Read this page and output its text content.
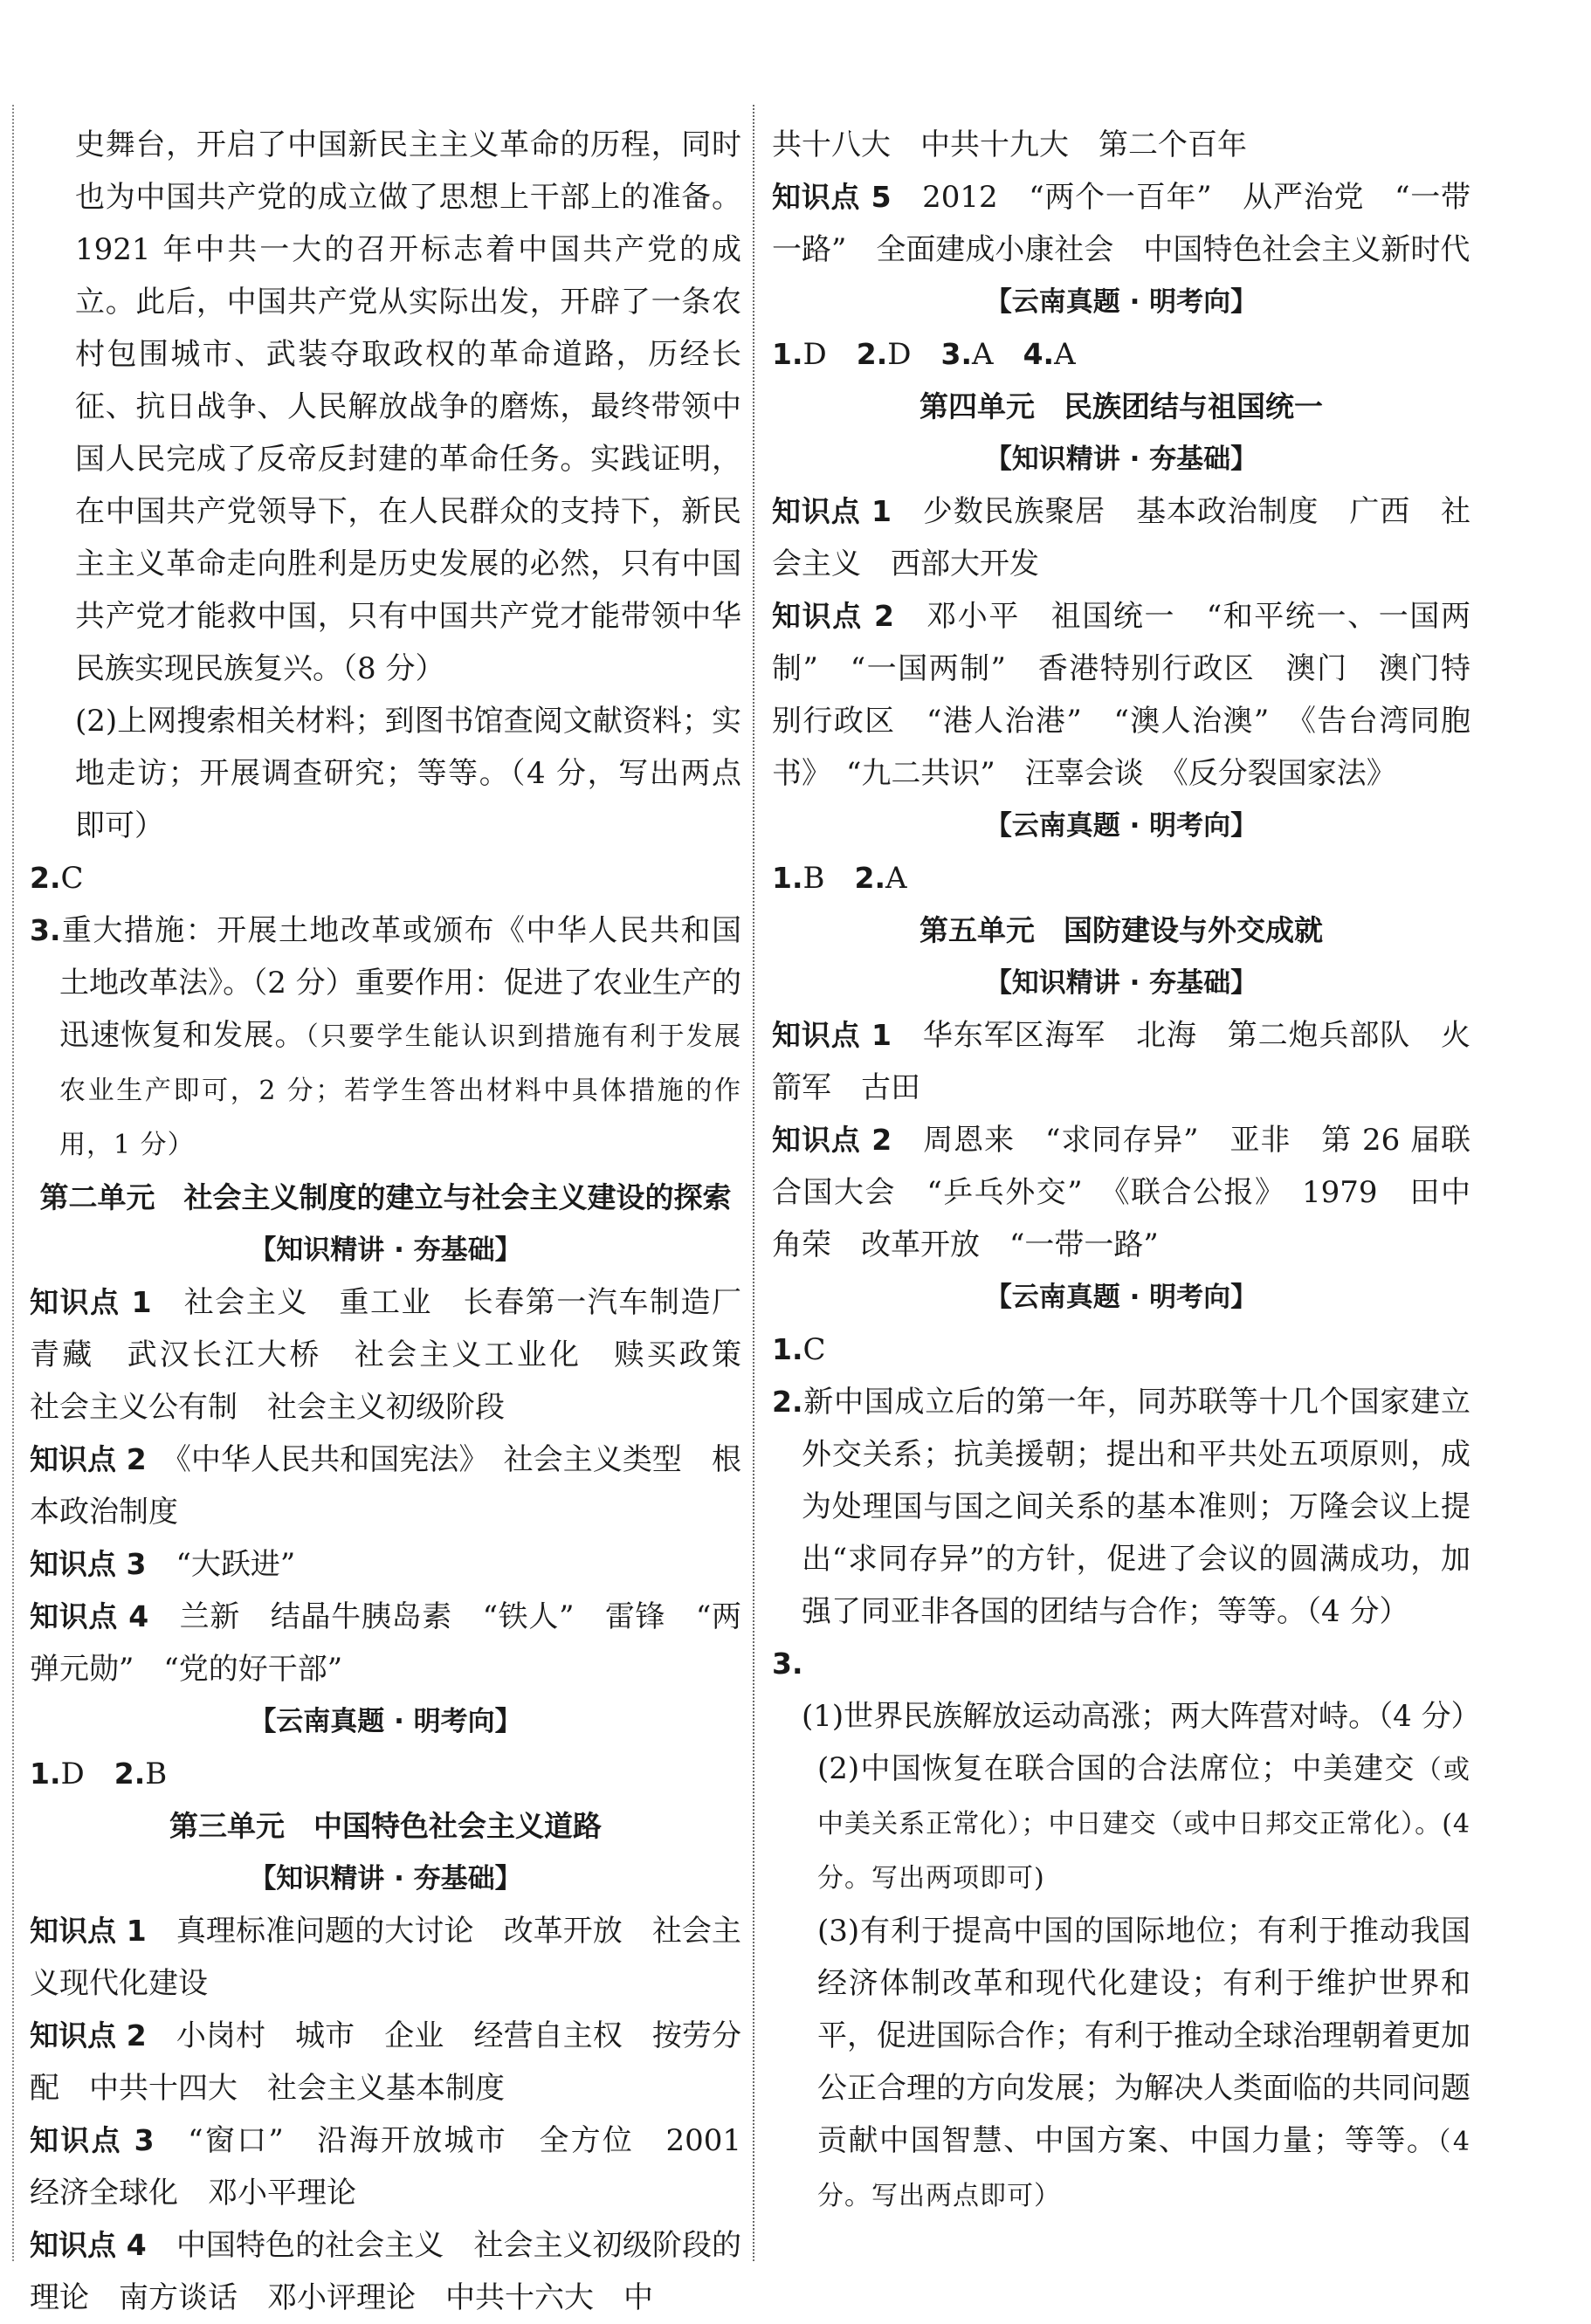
史舞台，开启了中国新民主主义革命的历程，同时也为中国共产党的成立做了思想上干部上的准备。1921 年中共一大的召开标志着中国共产党的成立。此后，中国共产党从实际出发，开辟了一条农村包围城市、武装夺取政权的革命道路，历经长征、抗日战争、人民解放战争的磨炼，最终带领中国人民完成了反帝反封建的革命任务。实践证明，在中国共产党领导下，在人民群众的支持下，新民主主义革命走向胜利是历史发展的必然，只有中国共产党才能救中国，只有中国共产党才能带领中华民族实现民族复兴。（8 分）

(2)上网搜索相关材料；到图书馆查阅文献资料；实地走访；开展调查研究；等等。（4 分，写出两点即可）

2.C

3.重大措施：开展土地改革或颁布《中华人民共和国土地改革法》。（2 分）重要作用：促进了农业生产的迅速恢复和发展。（只要学生能认识到措施有利于发展农业生产即可，2 分；若学生答出材料中具体措施的作用，1 分）

第二单元　社会主义制度的建立与社会主义建设的探索

【知识精讲 · 夯基础】

知识点 1　 社会主义　重工业　长春第一汽车制造厂　青藏　武汉长江大桥　社会主义工业化　赎买政策　社会主义公有制　社会主义初级阶段

知识点 2　 《中华人民共和国宪法》　社会主义类型　根本政治制度

知识点 3　 “大跃进”

知识点 4　 兰新　结晶牛胰岛素　“铁人”　雷锋　“两弹元勋”　“党的好干部”

【云南真题 · 明考向】

1.D 2.B

第三单元　中国特色社会主义道路

【知识精讲 · 夯基础】

知识点 1　 真理标准问题的大讨论　改革开放　社会主义现代化建设

知识点 2　 小岗村　城市　企业　经营自主权　按劳分配　中共十四大　社会主义基本制度

知识点 3　 “窗口”　沿海开放城市　全方位　2001　经济全球化　邓小平理论

知识点 4　 中国特色的社会主义　社会主义初级阶段的理论　南方谈话　邓小评理论　中共十六大　中

共十八大　中共十九大　第二个百年

知识点 5　 2012　“两个一百年”　从严治党　“一带一路”　全面建成小康社会　中国特色社会主义新时代

【云南真题 · 明考向】

1.D 2.D 3.A 4.A

第四单元　民族团结与祖国统一

【知识精讲 · 夯基础】

知识点 1　 少数民族聚居　基本政治制度　广西　社会主义　西部大开发

知识点 2　 邓小平　祖国统一　“和平统一、一国两制”　“一国两制”　香港特别行政区　澳门　澳门特别行政区　“港人治港”　“澳人治澳”　《告台湾同胞书》　“九二共识”　汪辜会谈　《反分裂国家法》

【云南真题 · 明考向】

1.B 2.A

第五单元　国防建设与外交成就

【知识精讲 · 夯基础】

知识点 1　 华东军区海军　北海　第二炮兵部队　火箭军　古田

知识点 2　 周恩来　“求同存异”　亚非　第 26 届联合国大会　“乒乓外交”　《联合公报》　1979　田中角荣　改革开放　“一带一路”

【云南真题 · 明考向】

1.C

2.新中国成立后的第一年，同苏联等十几个国家建立外交关系；抗美援朝；提出和平共处五项原则，成为处理国与国之间关系的基本准则；万隆会议上提出“求同存异”的方针，促进了会议的圆满成功，加强了同亚非各国的团结与合作；等等。（4 分）

3.(1)世界民族解放运动高涨；两大阵营对峙。（4 分）

(2)中国恢复在联合国的合法席位；中美建交（或中美关系正常化）；中日建交（或中日邦交正常化）。(4 分。写出两项即可)

(3)有利于提高中国的国际地位；有利于推动我国经济体制改革和现代化建设；有利于维护世界和平，促进国际合作；有利于推动全球治理朝着更加公正合理的方向发展；为解决人类面临的共同问题贡献中国智慧、中国方案、中国力量；等等。（4 分。写出两点即可）
